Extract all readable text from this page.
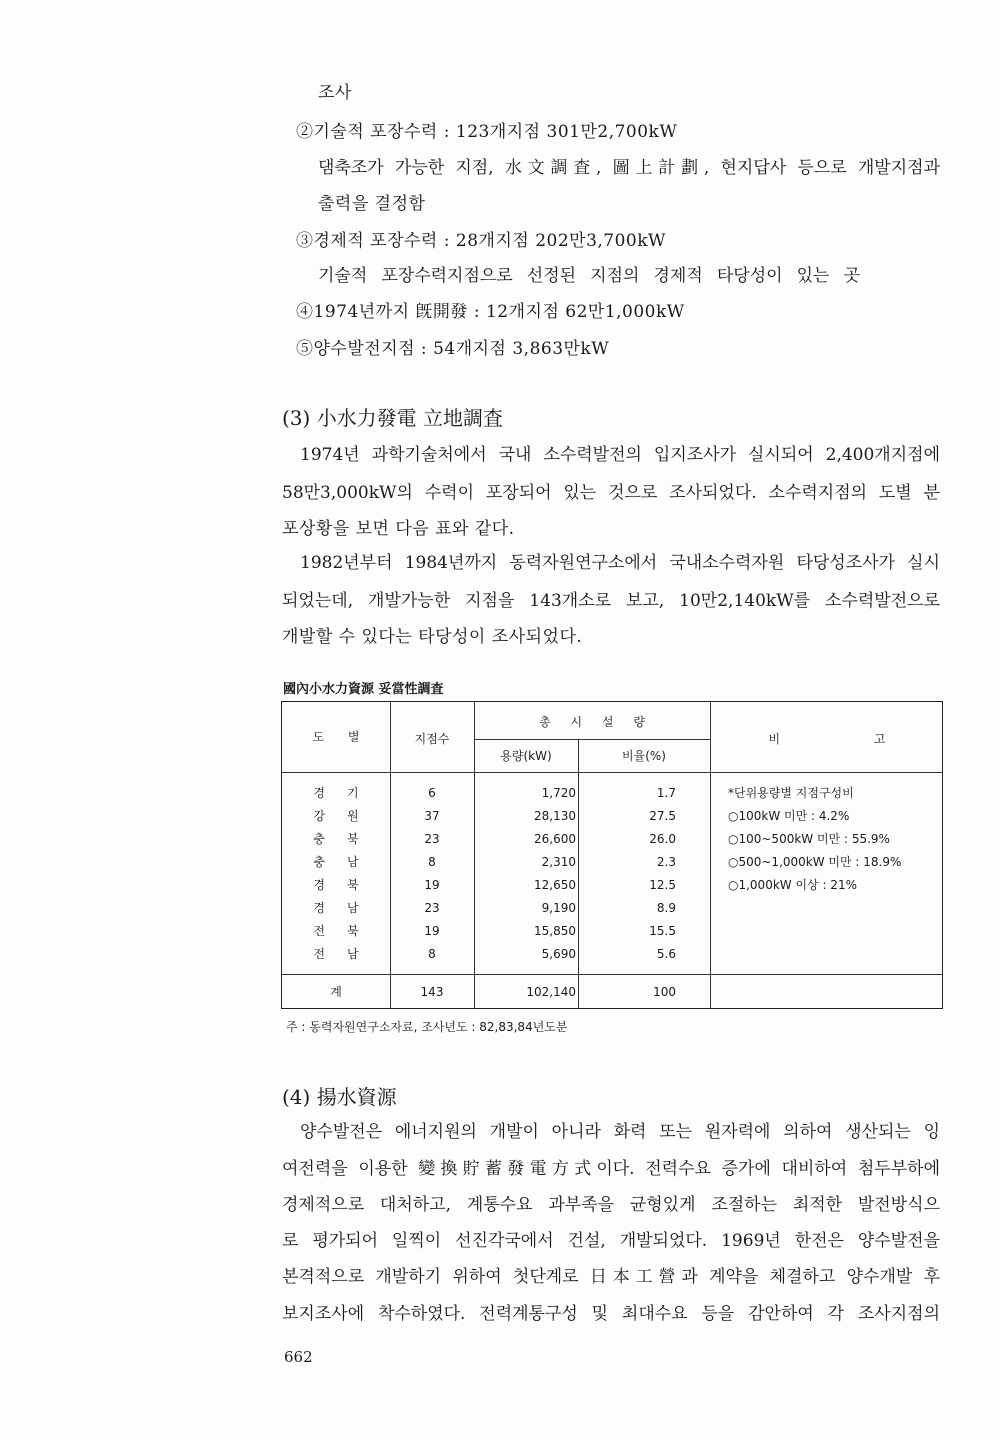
조사
②기술적 포장수력 : 123개지점 301만2,700kW
댐축조가 가능한 지점, 水文調査, 圖上計劃, 현지답사 등으로 개발지점과
출력을 결정함
③경제적 포장수력 : 28개지점 202만3,700kW
기술적 포장수력지점으로 선정된 지점의 경제적 타당성이 있는 곳
④1974년까지 旣開發 : 12개지점 62만1,000kW
⑤양수발전지점 : 54개지점 3,863만kW
(3) 小水力發電 立地調査
1974년 과학기술처에서 국내 소수력발전의 입지조사가 실시되어 2,400개지점에
58만3,000kW의 수력이 포장되어 있는 것으로 조사되었다. 소수력지점의 도별 분
포상황을 보면 다음 표와 같다.
1982년부터 1984년까지 동력자원연구소에서 국내소수력자원 타당성조사가 실시
되었는데, 개발가능한 지점을 143개소로 보고, 10만2,140kW를 소수력발전으로
개발할 수 있다는 타당성이 조사되었다.
國內小水力資源 妥當性調査
도 별	지점수
총 시 설 량
용량(kW)	비율(%)
비 고
경기	6	1,720	1.7
강원	37	28,130	27.5
충북	23	26,600	26.0
충남	8	2,310	2.3
경북	19	12,650	12.5
경남	23	9,190	8.9
전북	19	15,850	15.5
전남	8	5,690	5.6
계	143	102,140	100
*단위용량별 지점구성비
○100kW 미만 : 4.2%
○100~500kW 미만 : 55.9%
○500~1,000kW 미만 : 18.9%
○1,000kW 이상 : 21%
주 : 동력자원연구소자료, 조사년도 : 82,83,84년도분
(4) 揚水資源
양수발전은 에너지원의 개발이 아니라 화력 또는 원자력에 의하여 생산되는 잉
여전력을 이용한 變換貯蓄發電方式이다. 전력수요 증가에 대비하여 첨두부하에
경제적으로 대처하고, 계통수요 과부족을 균형있게 조절하는 최적한 발전방식으
로 평가되어 일찍이 선진각국에서 건설, 개발되었다. 1969년 한전은 양수발전을
본격적으로 개발하기 위하여 첫단계로 日本工營과 계약을 체결하고 양수개발 후
보지조사에 착수하였다. 전력계통구성 및 최대수요 등을 감안하여 각 조사지점의
662
